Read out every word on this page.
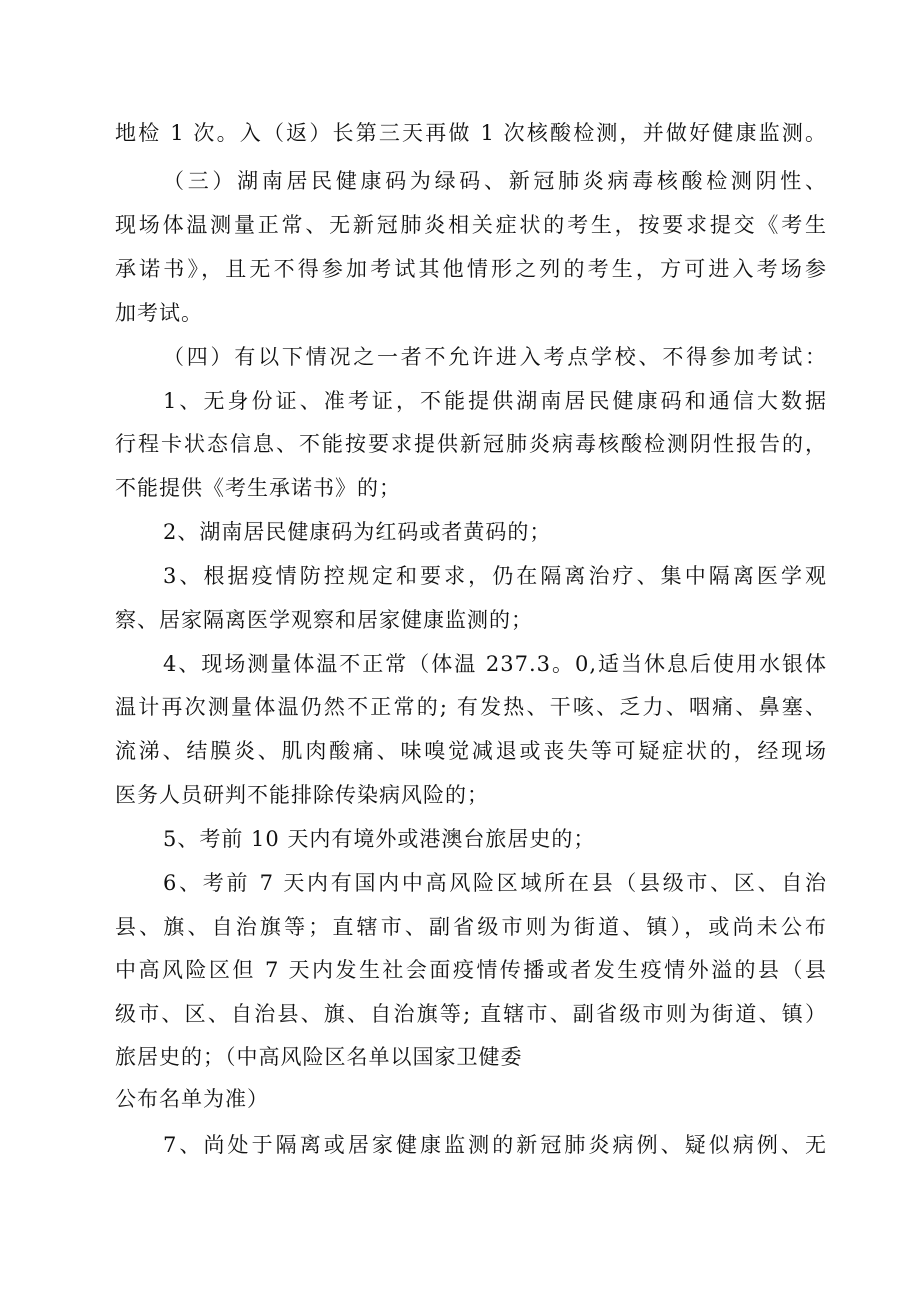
地检 1 次。入（返）长第三天再做 1 次核酸检测，并做好健康监测。
（三）湖南居民健康码为绿码、新冠肺炎病毒核酸检测阴性、
现场体温测量正常、无新冠肺炎相关症状的考生，按要求提交《考生
承诺书》，且无不得参加考试其他情形之列的考生，方可进入考场参
加考试。
（四）有以下情况之一者不允许进入考点学校、不得参加考试：
1、无身份证、准考证，不能提供湖南居民健康码和通信大数据
行程卡状态信息、不能按要求提供新冠肺炎病毒核酸检测阴性报告的，
不能提供《考生承诺书》的；
2、湖南居民健康码为红码或者黄码的；
3、根据疫情防控规定和要求，仍在隔离治疗、集中隔离医学观
察、居家隔离医学观察和居家健康监测的；
4、现场测量体温不正常（体温 237.3。0,适当休息后使用水银体
温计再次测量体温仍然不正常的; 有发热、干咳、乏力、咽痛、鼻塞、
流涕、结膜炎、肌肉酸痛、味嗅觉减退或丧失等可疑症状的，经现场
医务人员研判不能排除传染病风险的；
5、考前 10 天内有境外或港澳台旅居史的；
6、考前 7 天内有国内中高风险区域所在县（县级市、区、自治
县、旗、自治旗等；直辖市、副省级市则为街道、镇），或尚未公布
中高风险区但 7 天内发生社会面疫情传播或者发生疫情外溢的县（县
级市、区、自治县、旗、自治旗等; 直辖市、副省级市则为街道、镇）
旅居史的；（中高风险区名单以国家卫健委
公布名单为准）
7、尚处于隔离或居家健康监测的新冠肺炎病例、疑似病例、无
